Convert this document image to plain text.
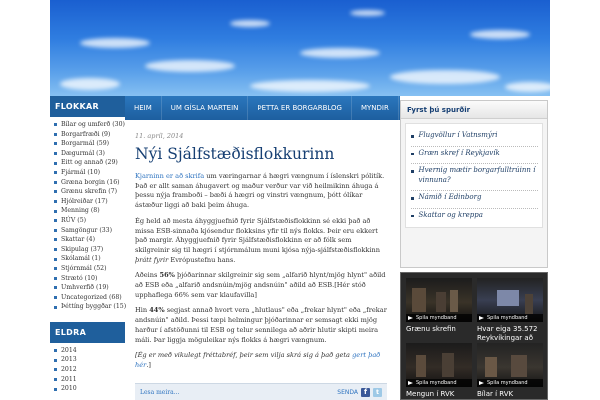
FLOKKAR
Bílar og umferð (30)
Borgarfræði (9)
Borgarmál (59)
Dægurmál (3)
Eitt og annað (29)
Fjármál (10)
Græna borgin (16)
Grænu skrefin (7)
Hjólreiðar (17)
Menning (8)
RÚV (5)
Samgöngur (33)
Skattar (4)
Skipulag (37)
Skólamál (1)
Stjórnmál (52)
Strætó (10)
Umhverfið (19)
Uncategorized (68)
Þéttíng byggðar (15)
ELDRA
2014
2013
2012
2011
2010
HEIM	UM GÍSLA MARTEIN	ÞETTA ER BORGARBLOG	MYNDIR
11. apríl, 2014
Nýi Sjálfstæðisflokkurinn

Kjarninn er að skrifa um væringarnar á hægri vængnum í íslenskri pólitík. Það er allt saman áhugavert og maður verður var við heilmikinn áhuga á þessu nýja framboði – bæði á hægri og vinstri vængnum, þótt ólíkar ástæður liggi að baki þeim áhuga.

Ég held að mesta áhyggjuefnið fyrir Sjálfstæðisflokkinn sé ekki það að missa ESB-sinnaða kjósendur flokksins yfir til nýs flokks. Þeir eru ekkert það margir. Áhyggjuefnið fyrir Sjálfstæðisflokkinn er að fólk sem skilgreinir sig til hægri í stjórnmálum muni kjósa nýja-sjálfstæðisflokkinn þrátt fyrir Evrópustefnu hans.

Aðeins 56% þjóðarinnar skilgreinir sig sem „alfarið hlynt/mjög hlynt" aðild að ESB eða „alfarið andsnúin/mjög andsnúin" aðild að ESB.[Hér stóð upphaflega 66% sem var klaufavilla]

Hin 44% segjast annað hvort vera „hlutlaus" eða „frekar hlynt" eða „frekar andsnúin" aðild. Þessi tæpi helmingur þjóðarinnar er semsagt ekki mjög harður í afstöðunni til ESB og telur sennilega að aðrir hlutir skipti meira máli. Þar liggja möguleikar nýs flokks á hægri vængnum.

[Ég er með vikulegt fréttabréf, þeir sem vilja skrá sig á það geta gert það hér.]

Lesa meira...	SENDA f	t
Fyrst þú spurðir
Flugvöllur í Vatnsmýri
Græn skref í Reykjavík
Hvernig mætir borgarfulltrúinn í vinnuna?
Námið í Edinborg
Skattar og kreppa
Spila myndband
Grænu skrefin
Spila myndband
Hvar eiga 35.572 Reykvíkingar að
Spila myndband
Mengun í RVK
Spila myndband
Bílar í RVK
